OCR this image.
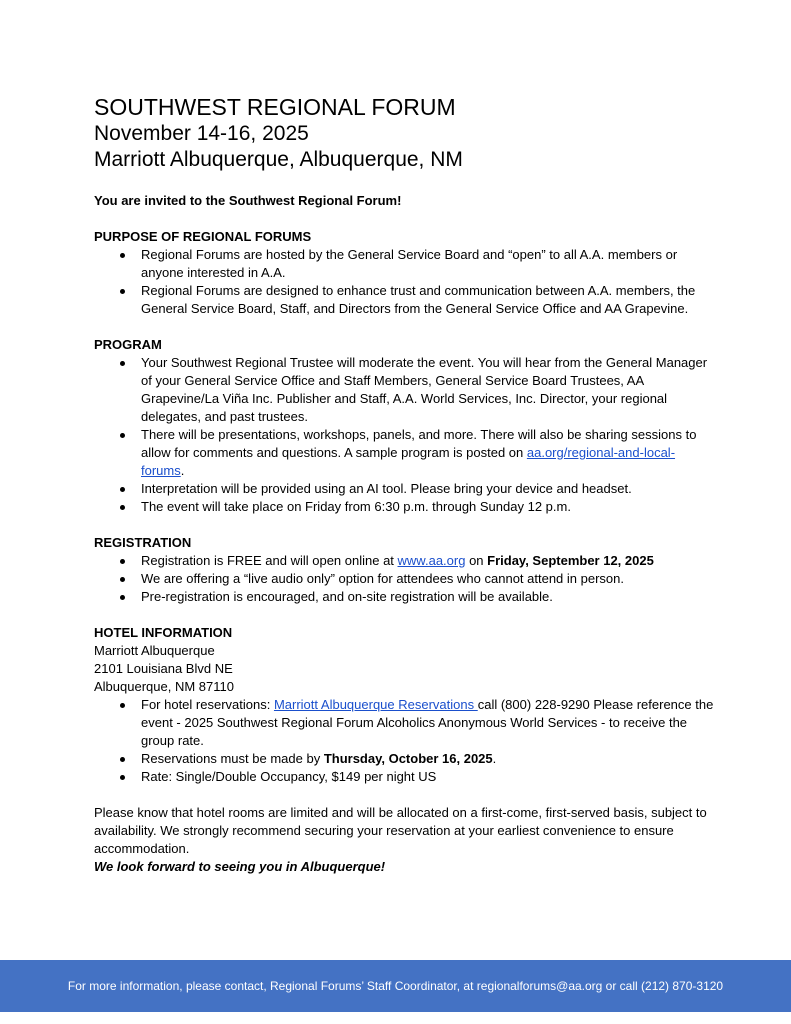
SOUTHWEST REGIONAL FORUM
November 14-16, 2025
Marriott Albuquerque, Albuquerque, NM
You are invited to the Southwest Regional Forum!
PURPOSE OF REGIONAL FORUMS
Regional Forums are hosted by the General Service Board and “open” to all A.A. members or anyone interested in A.A.
Regional Forums are designed to enhance trust and communication between A.A. members, the General Service Board, Staff, and Directors from the General Service Office and AA Grapevine.
PROGRAM
Your Southwest Regional Trustee will moderate the event. You will hear from the General Manager of your General Service Office and Staff Members, General Service Board Trustees, AA Grapevine/La Viña Inc. Publisher and Staff, A.A. World Services, Inc. Director, your regional delegates, and past trustees.
There will be presentations, workshops, panels, and more. There will also be sharing sessions to allow for comments and questions. A sample program is posted on aa.org/regional-and-local-forums.
Interpretation will be provided using an AI tool. Please bring your device and headset.
The event will take place on Friday from 6:30 p.m. through Sunday 12 p.m.
REGISTRATION
Registration is FREE and will open online at www.aa.org on Friday, September 12, 2025
We are offering a “live audio only” option for attendees who cannot attend in person.
Pre-registration is encouraged, and on-site registration will be available.
HOTEL INFORMATION
Marriott Albuquerque
2101 Louisiana Blvd NE
Albuquerque, NM 87110
For hotel reservations: Marriott Albuquerque Reservations call (800) 228-9290 Please reference the event - 2025 Southwest Regional Forum Alcoholics Anonymous World Services - to receive the group rate.
Reservations must be made by Thursday, October 16, 2025.
Rate: Single/Double Occupancy, $149 per night US
Please know that hotel rooms are limited and will be allocated on a first-come, first-served basis, subject to availability. We strongly recommend securing your reservation at your earliest convenience to ensure accommodation.
We look forward to seeing you in Albuquerque!
For more information, please contact, Regional Forums’ Staff Coordinator, at regionalforums@aa.org or call (212) 870-3120
